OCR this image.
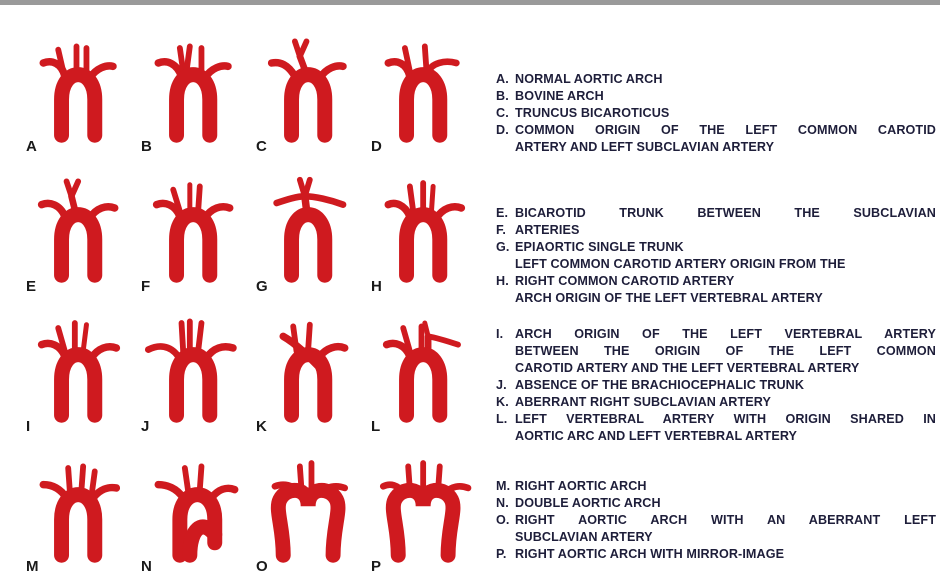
A	B	C	D
E	F	G	H
I	J	K	L
M	N	O	P
A. NORMAL AORTIC ARCH
B. BOVINE ARCH
C. TRUNCUS BICAROTICUS
D. COMMON ORIGIN OF THE LEFT COMMON CAROTID
ARTERY AND LEFT SUBCLAVIAN ARTERY
E. BICAROTID TRUNK BETWEEN THE SUBCLAVIAN
F. ARTERIES
G. EPIAORTIC SINGLE TRUNK
LEFT COMMON CAROTID ARTERY ORIGIN FROM THE
H. RIGHT COMMON CAROTID ARTERY
ARCH ORIGIN OF THE LEFT VERTEBRAL ARTERY
I. ARCH ORIGIN OF THE LEFT VERTEBRAL ARTERY
BETWEEN THE ORIGIN OF THE LEFT COMMON
CAROTID ARTERY AND THE LEFT VERTEBRAL ARTERY
J. ABSENCE OF THE BRACHIOCEPHALIC TRUNK
K. ABERRANT RIGHT SUBCLAVIAN ARTERY
L. LEFT VERTEBRAL ARTERY WITH ORIGIN SHARED IN
AORTIC ARC AND LEFT VERTEBRAL ARTERY
M. RIGHT AORTIC ARCH
N. DOUBLE AORTIC ARCH
O. RIGHT AORTIC ARCH WITH AN ABERRANT LEFT
SUBCLAVIAN ARTERY
P. RIGHT AORTIC ARCH WITH MIRROR-IMAGE
